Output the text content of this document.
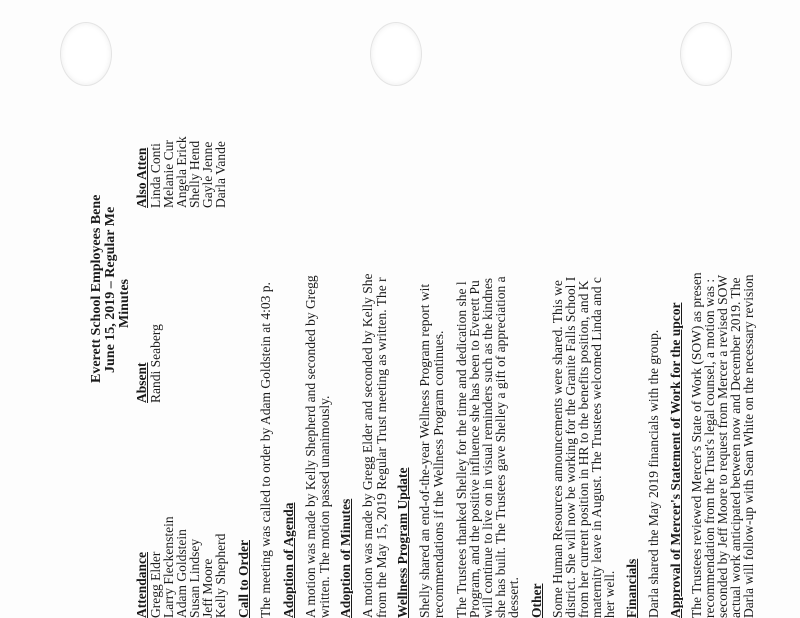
Everett School Employees Bene June 15, 2019 – Regular Me Minutes
Attendance Gregg Elder
Larry Fleckenstein
Adam Goldstein
Susan Lindsey
Jeff Moore
Kelly Shepherd
Absent Randi Seaberg
Also Atten Linda Conti
Melanie Cur
Angela Erick
Shelly Hend
Gayle Jenne
Darla Vande
Call to Order The meeting was called to order by Adam Goldstein at 4:03 p. Adoption of Agenda A motion was made by Kelly Shepherd and seconded by Gregg written. The motion passed unanimously. Adoption of Minutes A motion was made by Gregg Elder and seconded by Kelly She from the May 15, 2019 Regular Trust meeting as written. The r Wellness Program Update Shelly shared an end-of-the-year Wellness Program report wit recommendations if the Wellness Program continues. The Trustees thanked Shelley for the time and dedication she l
Program, and the positive influence she has been to Everett Pu
will continue to live on in visual reminders such as the kindnes
she has built. The Trustees gave Shelley a gift of appreciation a
dessert. Other Some Human Resources announcements were shared. This we
district. She will now be working for the Granite Falls School I
from her current position in HR to the benefits position, and K
maternity leave in August. The Trustees welcomed Linda and c
her well. Financials Darla shared the May 2019 financials with the group. Approval of Mercer's Statement of Work for the upcor The Trustees reviewed Mercer's State of Work (SOW) as presen
recommendation from the Trust's legal counsel, a motion was :
seconded by Jeff Moore to request from Mercer a revised SOW
actual work anticipated between now and December 2019. The
Darla will follow-up with Sean White on the necessary revision
